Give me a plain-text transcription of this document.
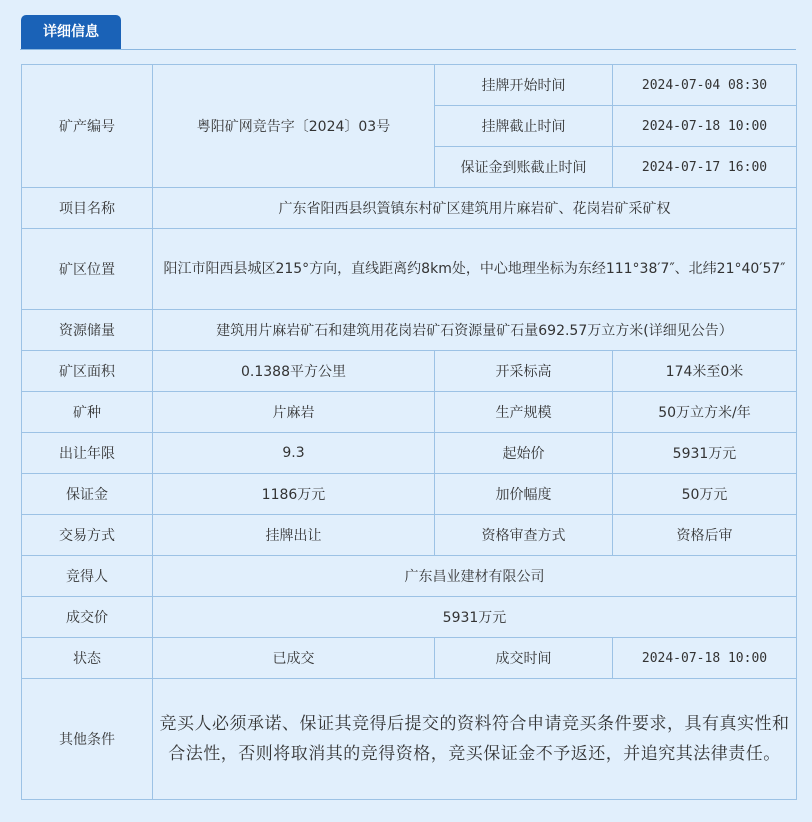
详细信息
矿产编号	粤阳矿网竞告字〔2024〕03号	挂牌开始时间	2024-07-04 08:30
		挂牌截止时间	2024-07-18 10:00
		保证金到账截止时间	2024-07-17 16:00
项目名称	广东省阳西县织篢镇东村矿区建筑用片麻岩矿、花岗岩矿采矿权		
矿区位置	阳江市阳西县城区215°方向，直线距离约8km处，中心地理坐标为东经111°38′7″、北纬21°40′57″		
资源储量	建筑用片麻岩矿石和建筑用花岗岩矿石资源量矿石量692.57万立方米(详细见公告）		
矿区面积	0.1388平方公里	开采标高	174米至0米
矿种	片麻岩	生产规模	50万立方米/年
出让年限	9.3	起始价	5931万元
保证金	1186万元	加价幅度	50万元
交易方式	挂牌出让	资格审查方式	资格后审
竞得人	广东昌业建材有限公司		
成交价	5931万元		
状态	已成交	成交时间	2024-07-18 10:00
其他条件	竞买人必须承诺、保证其竞得后提交的资料符合申请竞买条件要求，具有真实性和合法性，否则将取消其的竞得资格，竞买保证金不予返还，并追究其法律责任。		
